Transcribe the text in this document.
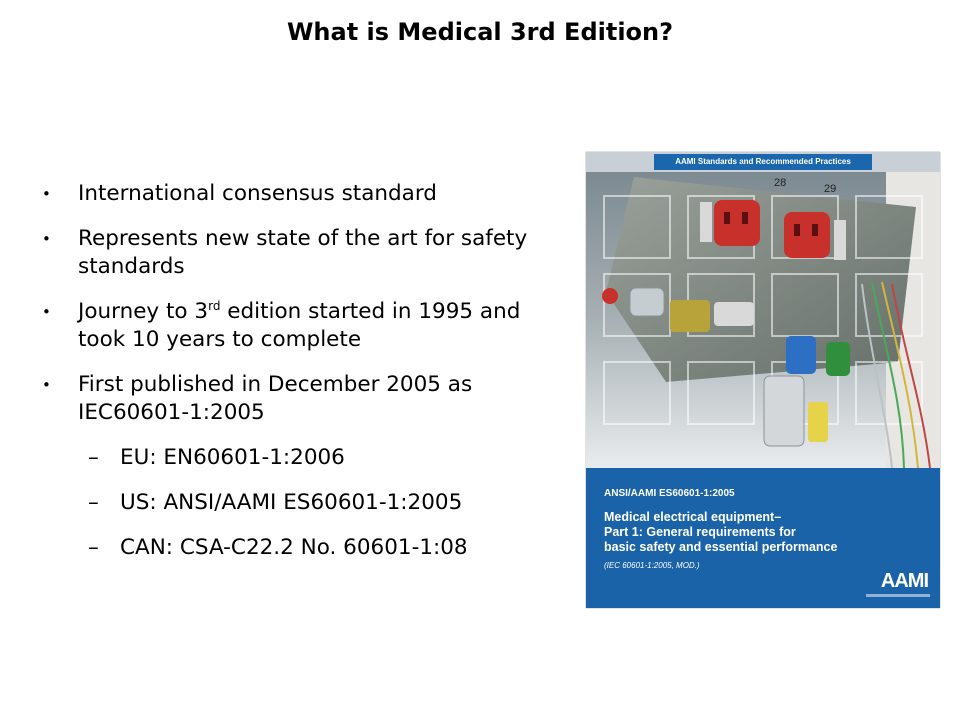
What is Medical 3rd Edition?
• International consensus standard
• Represents new state of the art for safety standards
• Journey to 3rd edition started in 1995 and took 10 years to complete
• First published in December 2005 as IEC60601-1:2005
– EU: EN60601-1:2006
– US: ANSI/AAMI ES60601-1:2005
– CAN: CSA-C22.2 No. 60601-1:08
AAMI Standards and Recommended Practices
28	29
ANSI/AAMI ES60601-1:2005
Medical electrical equipment–
Part 1: General requirements for
basic safety and essential performance
(IEC 60601-1:2005, MOD.)
AAMI
